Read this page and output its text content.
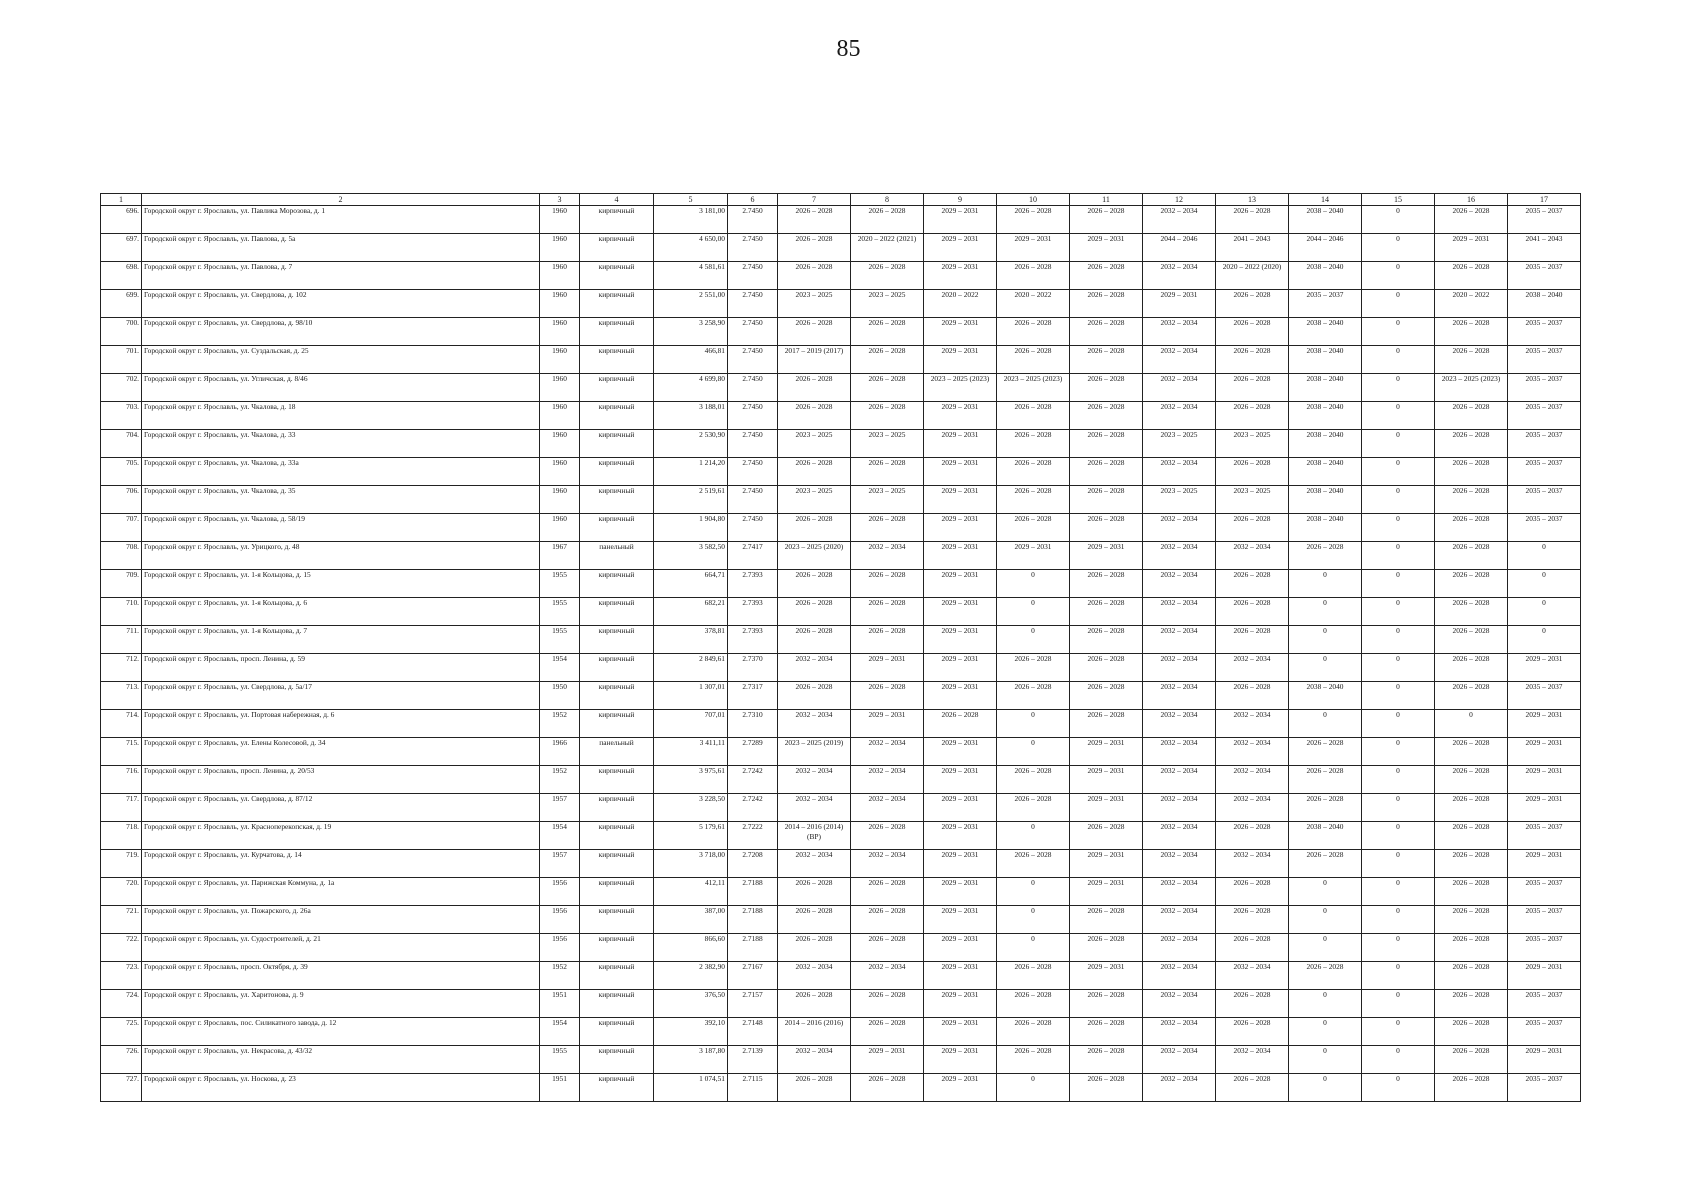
85
1	2	3	4	5	6	7	8	9	10	11	12	13	14	15	16	17
696.	Городской округ г. Ярославль, ул. Павлика Морозова, д. 1	1960	кирпичный	3 181,00	2.7450	2026 – 2028	2026 – 2028	2029 – 2031	2026 – 2028	2026 – 2028	2032 – 2034	2026 – 2028	2038 – 2040	0	2026 – 2028	2035 – 2037
697.	Городской округ г. Ярославль, ул. Павлова, д. 5а	1960	кирпичный	4 650,00	2.7450	2026 – 2028	2020 – 2022 (2021)	2029 – 2031	2029 – 2031	2029 – 2031	2044 – 2046	2041 – 2043	2044 – 2046	0	2029 – 2031	2041 – 2043
698.	Городской округ г. Ярославль, ул. Павлова, д. 7	1960	кирпичный	4 581,61	2.7450	2026 – 2028	2026 – 2028	2029 – 2031	2026 – 2028	2026 – 2028	2032 – 2034	2020 – 2022 (2020)	2038 – 2040	0	2026 – 2028	2035 – 2037
699.	Городской округ г. Ярославль, ул. Свердлова, д. 102	1960	кирпичный	2 551,00	2.7450	2023 – 2025	2023 – 2025	2020 – 2022	2020 – 2022	2026 – 2028	2029 – 2031	2026 – 2028	2035 – 2037	0	2020 – 2022	2038 – 2040
700.	Городской округ г. Ярославль, ул. Свердлова, д. 98/10	1960	кирпичный	3 258,90	2.7450	2026 – 2028	2026 – 2028	2029 – 2031	2026 – 2028	2026 – 2028	2032 – 2034	2026 – 2028	2038 – 2040	0	2026 – 2028	2035 – 2037
701.	Городской округ г. Ярославль, ул. Суздальская, д. 25	1960	кирпичный	466,81	2.7450	2017 – 2019 (2017)	2026 – 2028	2029 – 2031	2026 – 2028	2026 – 2028	2032 – 2034	2026 – 2028	2038 – 2040	0	2026 – 2028	2035 – 2037
702.	Городской округ г. Ярославль, ул. Угличская, д. 8/46	1960	кирпичный	4 699,80	2.7450	2026 – 2028	2026 – 2028	2023 – 2025 (2023)	2023 – 2025 (2023)	2026 – 2028	2032 – 2034	2026 – 2028	2038 – 2040	0	2023 – 2025 (2023)	2035 – 2037
703.	Городской округ г. Ярославль, ул. Чкалова, д. 18	1960	кирпичный	3 188,01	2.7450	2026 – 2028	2026 – 2028	2029 – 2031	2026 – 2028	2026 – 2028	2032 – 2034	2026 – 2028	2038 – 2040	0	2026 – 2028	2035 – 2037
704.	Городской округ г. Ярославль, ул. Чкалова, д. 33	1960	кирпичный	2 530,90	2.7450	2023 – 2025	2023 – 2025	2029 – 2031	2026 – 2028	2026 – 2028	2023 – 2025	2023 – 2025	2038 – 2040	0	2026 – 2028	2035 – 2037
705.	Городской округ г. Ярославль, ул. Чкалова, д. 33а	1960	кирпичный	1 214,20	2.7450	2026 – 2028	2026 – 2028	2029 – 2031	2026 – 2028	2026 – 2028	2032 – 2034	2026 – 2028	2038 – 2040	0	2026 – 2028	2035 – 2037
706.	Городской округ г. Ярославль, ул. Чкалова, д. 35	1960	кирпичный	2 519,61	2.7450	2023 – 2025	2023 – 2025	2029 – 2031	2026 – 2028	2026 – 2028	2023 – 2025	2023 – 2025	2038 – 2040	0	2026 – 2028	2035 – 2037
707.	Городской округ г. Ярославль, ул. Чкалова, д. 58/19	1960	кирпичный	1 904,80	2.7450	2026 – 2028	2026 – 2028	2029 – 2031	2026 – 2028	2026 – 2028	2032 – 2034	2026 – 2028	2038 – 2040	0	2026 – 2028	2035 – 2037
708.	Городской округ г. Ярославль, ул. Урицкого, д. 48	1967	панельный	3 582,50	2.7417	2023 – 2025 (2020)	2032 – 2034	2029 – 2031	2029 – 2031	2029 – 2031	2032 – 2034	2032 – 2034	2026 – 2028	0	2026 – 2028	0
709.	Городской округ г. Ярославль, ул. 1-я Кольцова, д. 15	1955	кирпичный	664,71	2.7393	2026 – 2028	2026 – 2028	2029 – 2031	0	2026 – 2028	2032 – 2034	2026 – 2028	0	0	2026 – 2028	0
710.	Городской округ г. Ярославль, ул. 1-я Кольцова, д. 6	1955	кирпичный	682,21	2.7393	2026 – 2028	2026 – 2028	2029 – 2031	0	2026 – 2028	2032 – 2034	2026 – 2028	0	0	2026 – 2028	0
711.	Городской округ г. Ярославль, ул. 1-я Кольцова, д. 7	1955	кирпичный	378,81	2.7393	2026 – 2028	2026 – 2028	2029 – 2031	0	2026 – 2028	2032 – 2034	2026 – 2028	0	0	2026 – 2028	0
712.	Городской округ г. Ярославль, просп. Ленина, д. 59	1954	кирпичный	2 849,61	2.7370	2032 – 2034	2029 – 2031	2029 – 2031	2026 – 2028	2026 – 2028	2032 – 2034	2032 – 2034	0	0	2026 – 2028	2029 – 2031
713.	Городской округ г. Ярославль, ул. Свердлова, д. 5а/17	1950	кирпичный	1 307,01	2.7317	2026 – 2028	2026 – 2028	2029 – 2031	2026 – 2028	2026 – 2028	2032 – 2034	2026 – 2028	2038 – 2040	0	2026 – 2028	2035 – 2037
714.	Городской округ г. Ярославль, ул. Портовая набережная, д. 6	1952	кирпичный	707,01	2.7310	2032 – 2034	2029 – 2031	2026 – 2028	0	2026 – 2028	2032 – 2034	2032 – 2034	0	0	0	2029 – 2031
715.	Городской округ г. Ярославль, ул. Елены Колесовой, д. 34	1966	панельный	3 411,11	2.7289	2023 – 2025 (2019)	2032 – 2034	2029 – 2031	0	2029 – 2031	2032 – 2034	2032 – 2034	2026 – 2028	0	2026 – 2028	2029 – 2031
716.	Городской округ г. Ярославль, просп. Ленина, д. 20/53	1952	кирпичный	3 975,61	2.7242	2032 – 2034	2032 – 2034	2029 – 2031	2026 – 2028	2029 – 2031	2032 – 2034	2032 – 2034	2026 – 2028	0	2026 – 2028	2029 – 2031
717.	Городской округ г. Ярославль, ул. Свердлова, д. 87/12	1957	кирпичный	3 228,50	2.7242	2032 – 2034	2032 – 2034	2029 – 2031	2026 – 2028	2029 – 2031	2032 – 2034	2032 – 2034	2026 – 2028	0	2026 – 2028	2029 – 2031
718.	Городской округ г. Ярославль, ул. Красноперекопская, д. 19	1954	кирпичный	5 179,61	2.7222	2014 – 2016 (2014) (ВР)	2026 – 2028	2029 – 2031	0	2026 – 2028	2032 – 2034	2026 – 2028	2038 – 2040	0	2026 – 2028	2035 – 2037
719.	Городской округ г. Ярославль, ул. Курчатова, д. 14	1957	кирпичный	3 718,00	2.7208	2032 – 2034	2032 – 2034	2029 – 2031	2026 – 2028	2029 – 2031	2032 – 2034	2032 – 2034	2026 – 2028	0	2026 – 2028	2029 – 2031
720.	Городской округ г. Ярославль, ул. Парижская Коммуна, д. 1а	1956	кирпичный	412,11	2.7188	2026 – 2028	2026 – 2028	2029 – 2031	0	2029 – 2031	2032 – 2034	2026 – 2028	0	0	2026 – 2028	2035 – 2037
721.	Городской округ г. Ярославль, ул. Пожарского, д. 26а	1956	кирпичный	387,00	2.7188	2026 – 2028	2026 – 2028	2029 – 2031	0	2026 – 2028	2032 – 2034	2026 – 2028	0	0	2026 – 2028	2035 – 2037
722.	Городской округ г. Ярославль, ул. Судостроителей, д. 21	1956	кирпичный	866,60	2.7188	2026 – 2028	2026 – 2028	2029 – 2031	0	2026 – 2028	2032 – 2034	2026 – 2028	0	0	2026 – 2028	2035 – 2037
723.	Городской округ г. Ярославль, просп. Октября, д. 39	1952	кирпичный	2 382,90	2.7167	2032 – 2034	2032 – 2034	2029 – 2031	2026 – 2028	2029 – 2031	2032 – 2034	2032 – 2034	2026 – 2028	0	2026 – 2028	2029 – 2031
724.	Городской округ г. Ярославль, ул. Харитонова, д. 9	1951	кирпичный	376,50	2.7157	2026 – 2028	2026 – 2028	2029 – 2031	2026 – 2028	2026 – 2028	2032 – 2034	2026 – 2028	0	0	2026 – 2028	2035 – 2037
725.	Городской округ г. Ярославль, пос. Силикатного завода, д. 12	1954	кирпичный	392,10	2.7148	2014 – 2016 (2016)	2026 – 2028	2029 – 2031	2026 – 2028	2026 – 2028	2032 – 2034	2026 – 2028	0	0	2026 – 2028	2035 – 2037
726.	Городской округ г. Ярославль, ул. Некрасова, д. 43/32	1955	кирпичный	3 187,80	2.7139	2032 – 2034	2029 – 2031	2029 – 2031	2026 – 2028	2026 – 2028	2032 – 2034	2032 – 2034	0	0	2026 – 2028	2029 – 2031
727.	Городской округ г. Ярославль, ул. Носкова, д. 23	1951	кирпичный	1 074,51	2.7115	2026 – 2028	2026 – 2028	2029 – 2031	0	2026 – 2028	2032 – 2034	2026 – 2028	0	0	2026 – 2028	2035 – 2037
